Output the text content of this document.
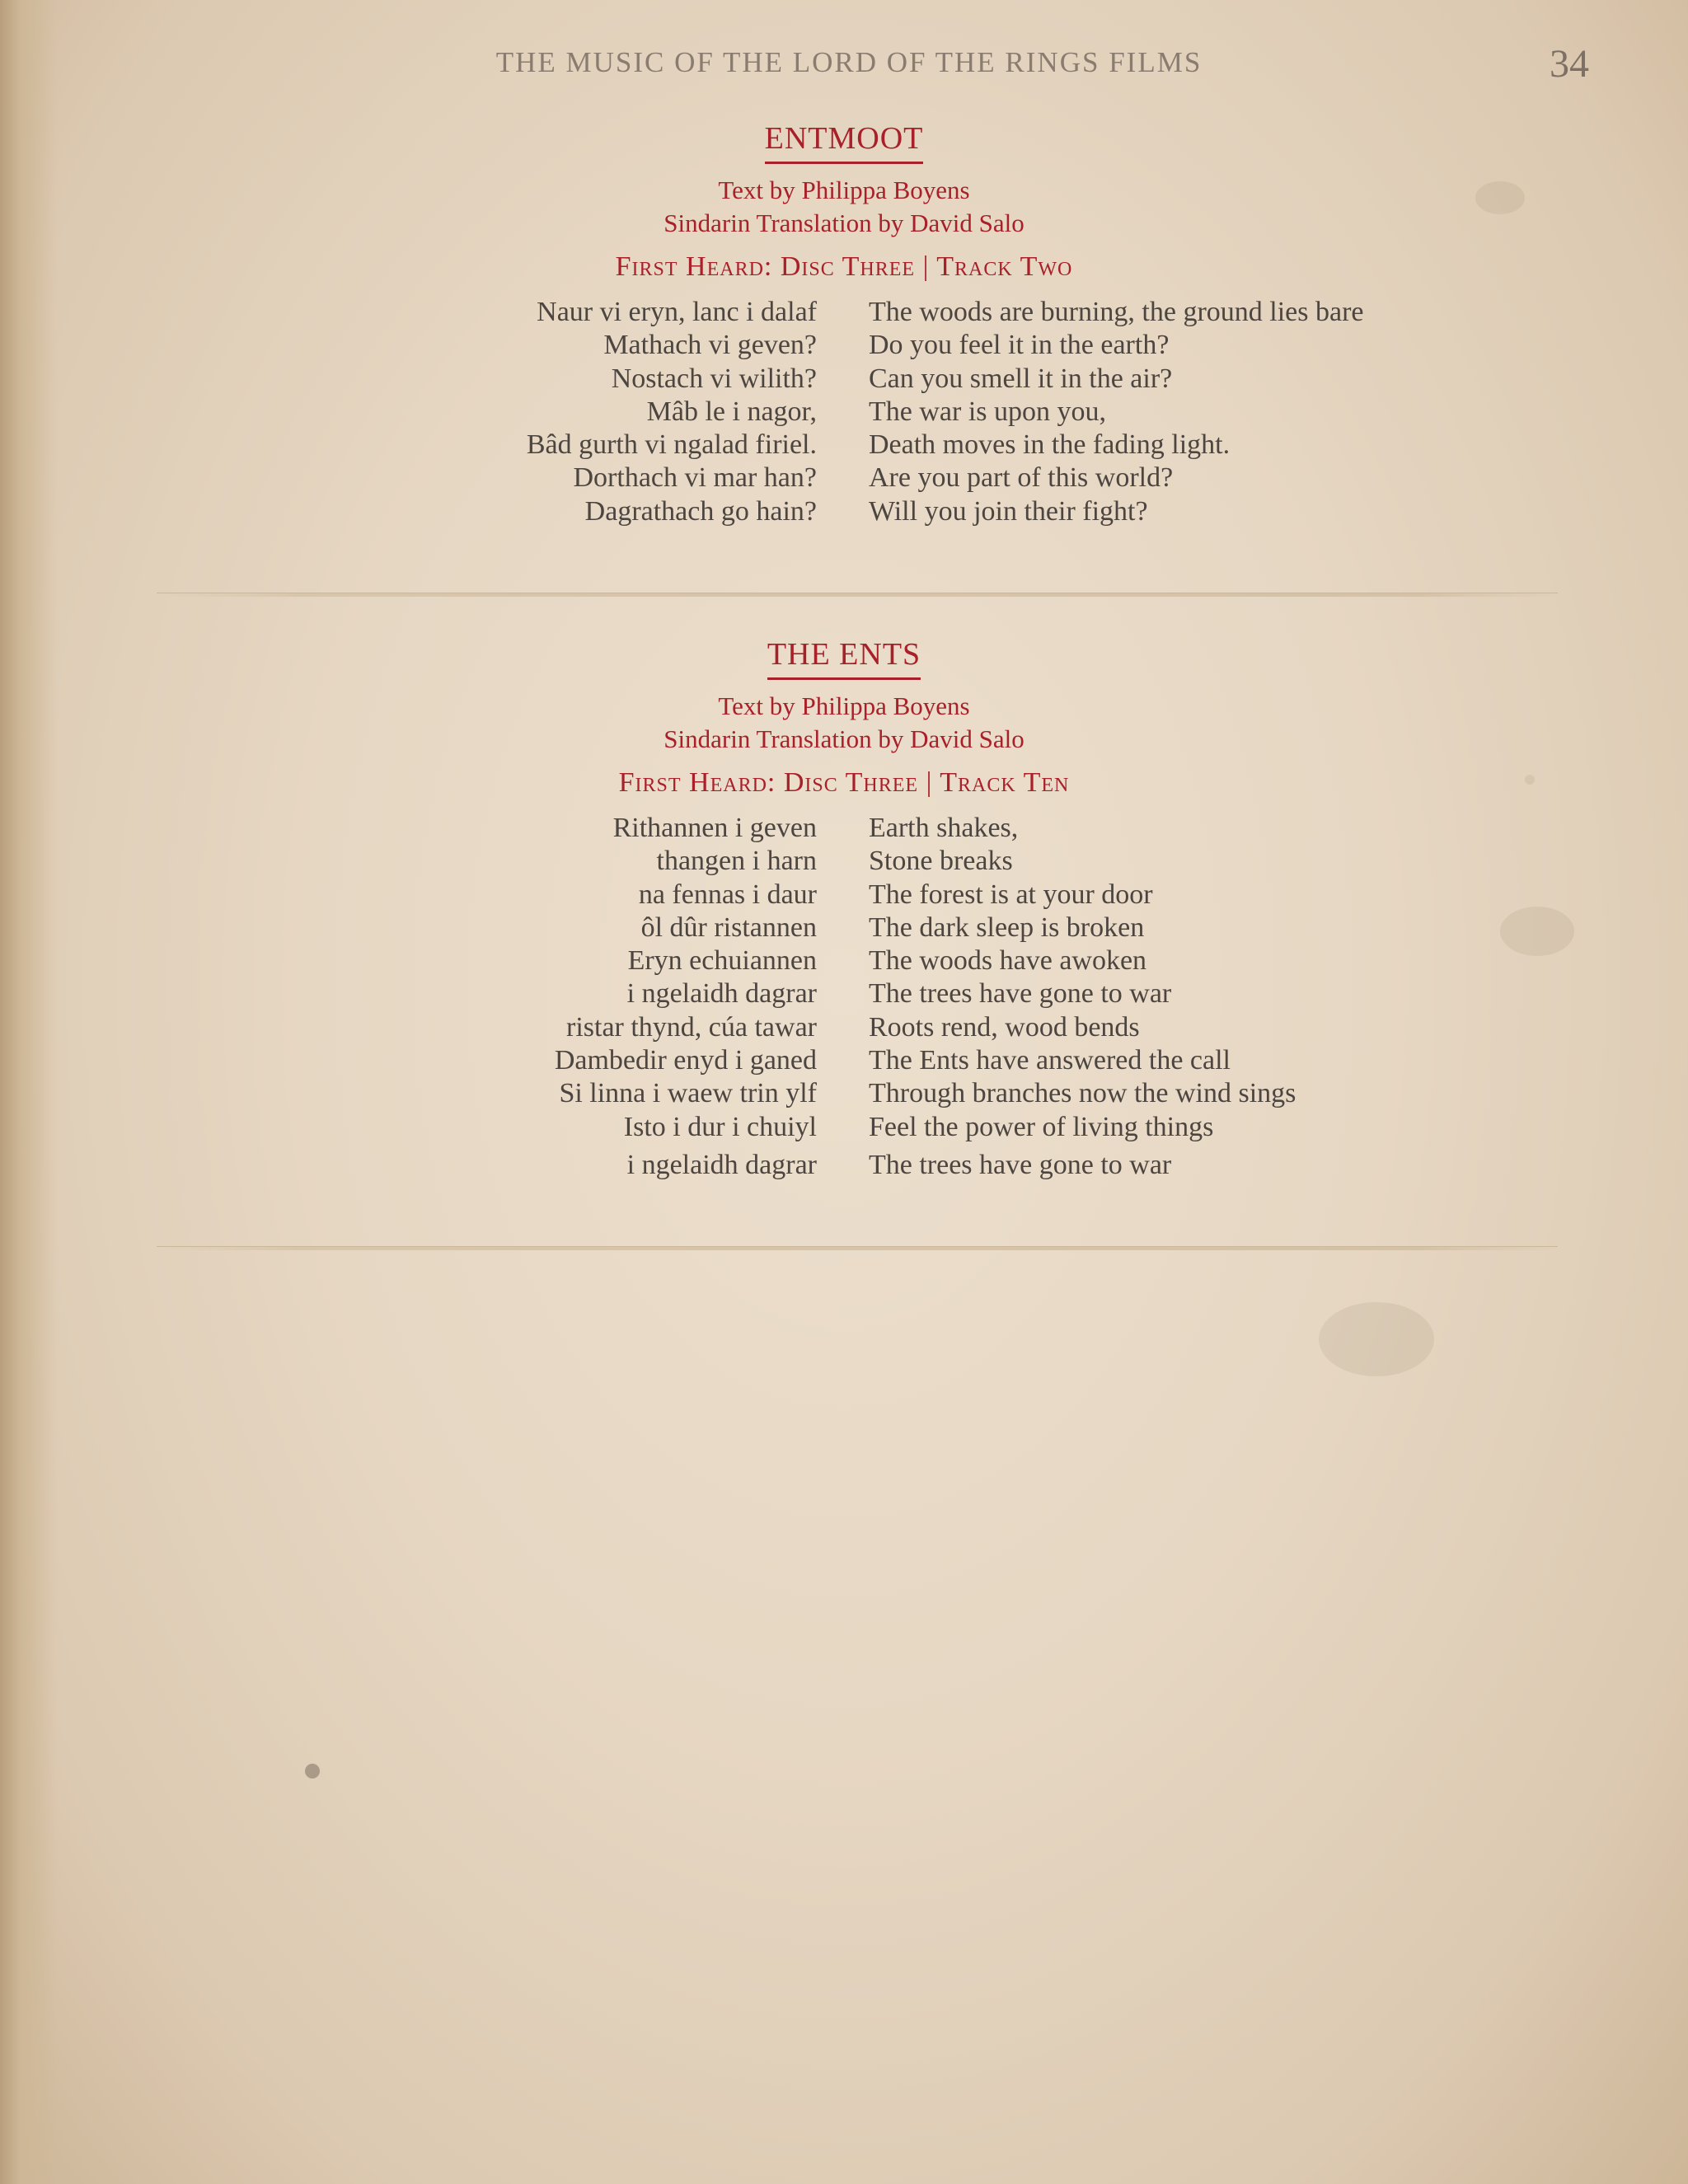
THE MUSIC OF THE LORD OF THE RINGS FILMS	34
ENTMOOT
Text by Philippa Boyens
Sindarin Translation by David Salo
First Heard: Disc Three | Track Two
Naur vi eryn, lanc i dalaf
Mathach vi geven?
Nostach vi wilith?
Mâb le i nagor,
Bâd gurth vi ngalad firiel.
Dorthach vi mar han?
Dagrathach go hain?
The woods are burning, the ground lies bare
Do you feel it in the earth?
Can you smell it in the air?
The war is upon you,
Death moves in the fading light.
Are you part of this world?
Will you join their fight?
THE ENTS
Text by Philippa Boyens
Sindarin Translation by David Salo
First Heard: Disc Three | Track Ten
Rithannen i geven
thangen i harn
na fennas i daur
ôl dûr ristannen
Eryn echuiannen
i ngelaidh dagrar
ristar thynd, cúa tawar
Dambedir enyd i ganed
Si linna i waew trin ylf
Isto i dur i chuiyl
i ngelaidh dagrar
Earth shakes,
Stone breaks
The forest is at your door
The dark sleep is broken
The woods have awoken
The trees have gone to war
Roots rend, wood bends
The Ents have answered the call
Through branches now the wind sings
Feel the power of living things
The trees have gone to war
